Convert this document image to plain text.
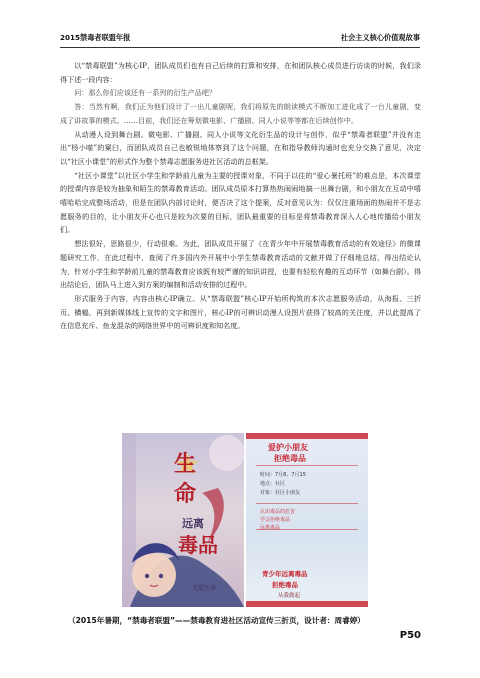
2015禁毒者联盟年报	社会主义核心价值观故事

以“禁毒联盟”为核心IP，团队成员们也有自己后续的打算和安排，在和团队核心成员进行访谈的时候，我们录得下述一段内容：

问：那么你们应该还有一系列的衍生产品吧？

答：当然有啊，我们正为他们设计了一出儿童剧呢，我们将原先的朗读模式不断加工进化成了一台儿童剧，变成了讲故事的模式。……目前，我们还在筹划微电影、广播剧、同人小说等等都在后续创作中。

从动漫人设到舞台剧、微电影、广播剧、同人小说等文化衍生品的设计与创作，似乎“禁毒者联盟”并没有走出“杨小喵”的窠臼，而团队成员自己也敏锐地体察到了这个问题，在和指导教师沟通时也充分交换了意见，决定以“社区小课堂”的形式作为整个禁毒志愿服务进社区活动的总框架。

“社区小课堂”以社区小学生和学龄前儿童为主要的授课对象，不同于以往的“爱心暑托班”的难点是，本次课堂的授课内容是较为抽象和陌生的禁毒教育活动。团队成员原本打算热热闹闹地搞一出舞台剧，和小朋友在互动中嘻嘻哈哈完成整场活动，但是在团队内部讨论时，便否决了这个提案，反对意见认为：仅仅注重场面的热闹并不是志愿服务的目的，让小朋友开心也只是较为次要的目标，团队最重要的目标是将禁毒教育深入人心地传播给小朋友们。

想法很好，思路很少，行动很难。为此，团队成员开展了《在青少年中开展禁毒教育活动的有效途径》的微课题研究工作，在此过程中，查阅了许多国内外开展中小学生禁毒教育活动的文献并做了仔细地总结，得出结论认为，针对小学生和学龄前儿童的禁毒教育应该既有较严谨的知识讲授，也要有轻松有趣的互动环节（如舞台剧）。得出结论后，团队马上进入到方案的编制和活动安排的过程中。

形式服务于内容，内容由核心IP确立。从“禁毒联盟”核心IP开始所构筑的本次志愿服务活动，从海报、三折页、横幅，再到新媒体线上宣传的文字和图片，核心IP的可辨识动漫人设图片获得了较高的关注度，并以此提高了在信息充斥、鱼龙混杂的网络世界中的可辨识度和知名度。

生
命
远离
毒品
关爱生命
爱护小朋友
拒绝毒品
时间：7月8、7月15
地点：社区
对象：社区小朋友
认识毒品的危害
学会拒绝毒品
远离毒品
青少年远离毒品
拒绝毒品
从我做起
（2015年暑期，“禁毒者联盟”——禁毒教育进社区活动宣传三折页，设计者：周睿婷）
P50
